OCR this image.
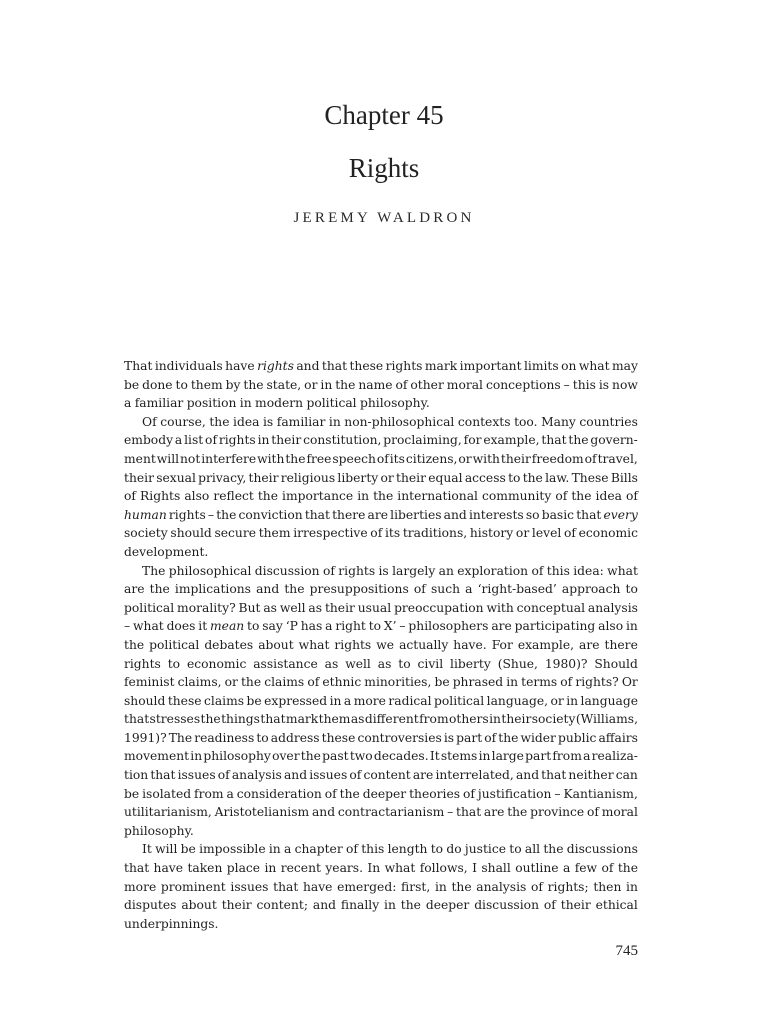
Chapter 45
Rights
JEREMY WALDRON
That individuals have rights and that these rights mark important limits on what may
be done to them by the state, or in the name of other moral conceptions – this is now
a familiar position in modern political philosophy.
Of course, the idea is familiar in non-philosophical contexts too. Many countries
embody a list of rights in their constitution, proclaiming, for example, that the govern-
ment will not interfere with the free speech of its citizens, or with their freedom of travel,
their sexual privacy, their religious liberty or their equal access to the law. These Bills
of Rights also reflect the importance in the international community of the idea of
human rights – the conviction that there are liberties and interests so basic that every
society should secure them irrespective of its traditions, history or level of economic
development.
The philosophical discussion of rights is largely an exploration of this idea: what
are the implications and the presuppositions of such a ‘right-based’ approach to
political morality? But as well as their usual preoccupation with conceptual analysis
– what does it mean to say ‘P has a right to X’ – philosophers are participating also in
the political debates about what rights we actually have. For example, are there
rights to economic assistance as well as to civil liberty (Shue, 1980)? Should
feminist claims, or the claims of ethnic minorities, be phrased in terms of rights? Or
should these claims be expressed in a more radical political language, or in language
that stresses the things that mark them as different from others in their society (Williams,
1991)? The readiness to address these controversies is part of the wider public affairs
movement in philosophy over the past two decades. It stems in large part from a realiza-
tion that issues of analysis and issues of content are interrelated, and that neither can
be isolated from a consideration of the deeper theories of justification – Kantianism,
utilitarianism, Aristotelianism and contractarianism – that are the province of moral
philosophy.
It will be impossible in a chapter of this length to do justice to all the discussions
that have taken place in recent years. In what follows, I shall outline a few of the
more prominent issues that have emerged: first, in the analysis of rights; then in
disputes about their content; and finally in the deeper discussion of their ethical
underpinnings.
745
